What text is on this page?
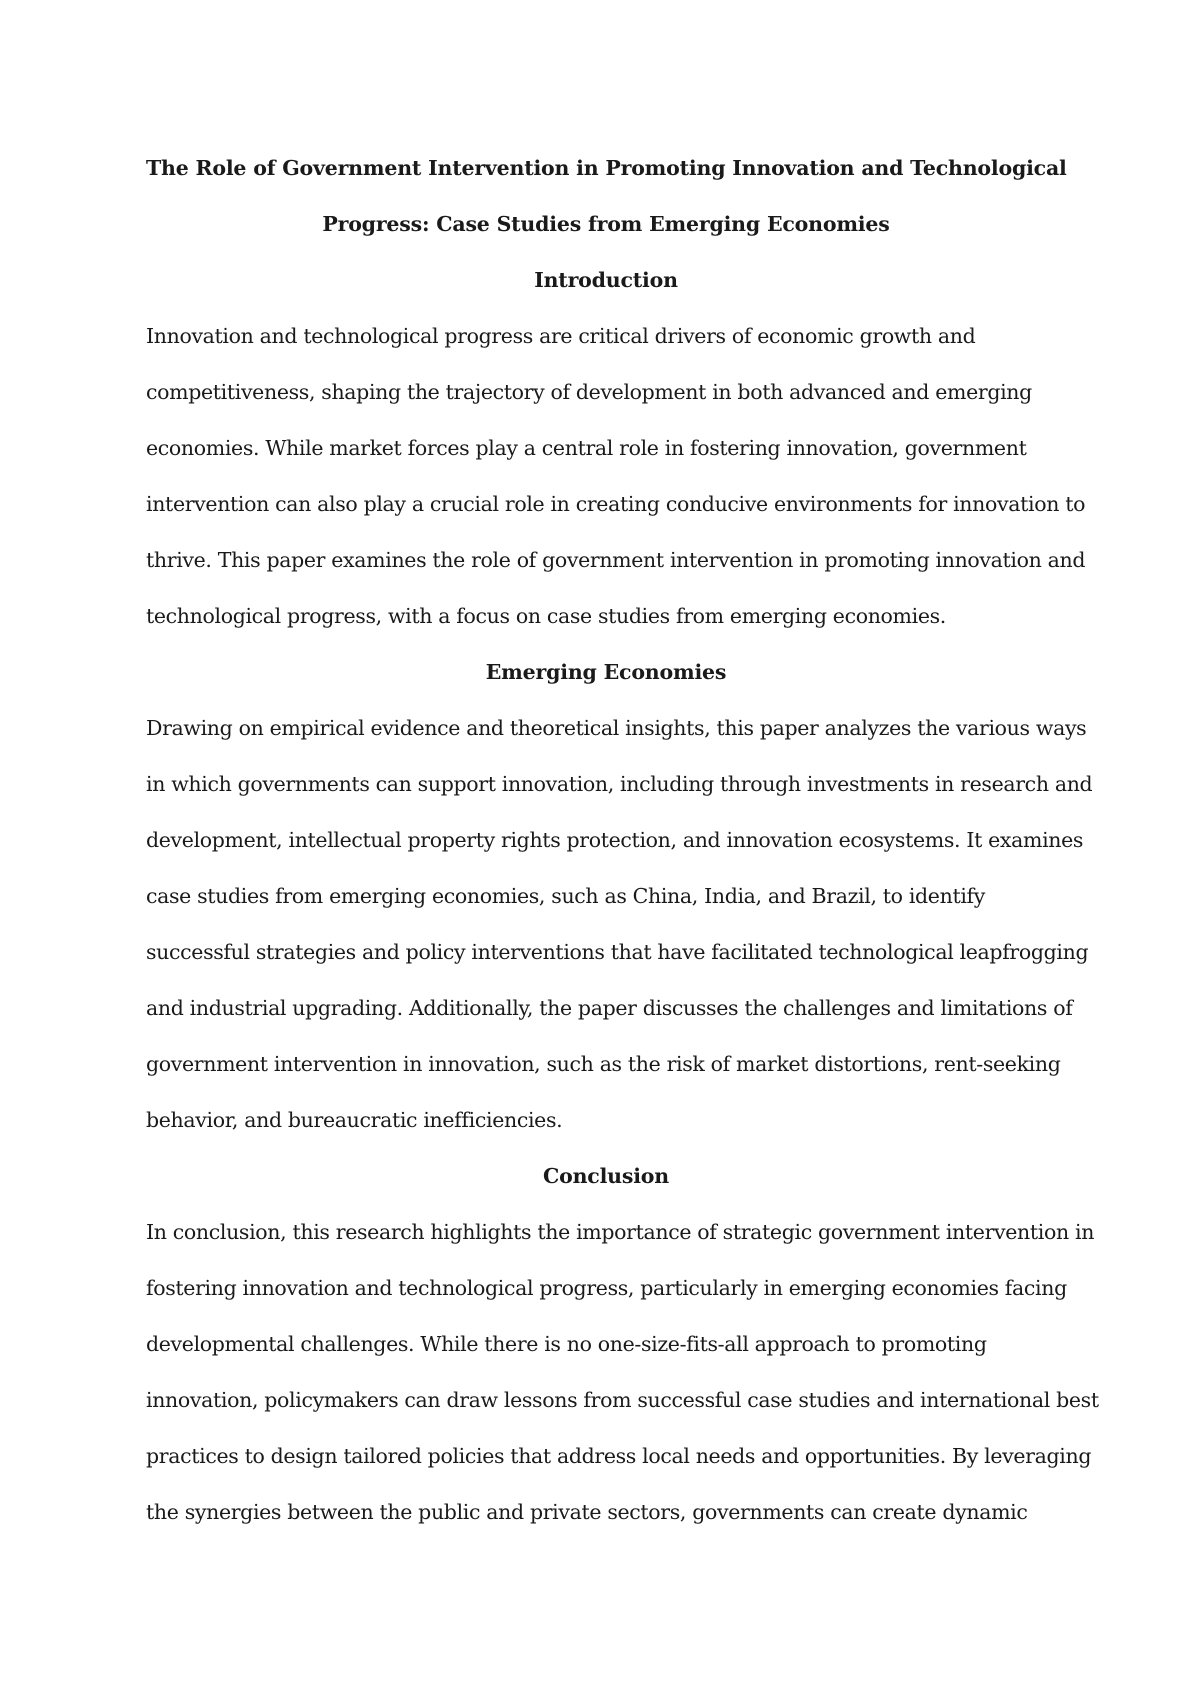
The Role of Government Intervention in Promoting Innovation and Technological
Progress: Case Studies from Emerging Economies
Introduction
Innovation and technological progress are critical drivers of economic growth and
competitiveness, shaping the trajectory of development in both advanced and emerging
economies. While market forces play a central role in fostering innovation, government
intervention can also play a crucial role in creating conducive environments for innovation to
thrive. This paper examines the role of government intervention in promoting innovation and
technological progress, with a focus on case studies from emerging economies.
Emerging Economies
Drawing on empirical evidence and theoretical insights, this paper analyzes the various ways
in which governments can support innovation, including through investments in research and
development, intellectual property rights protection, and innovation ecosystems. It examines
case studies from emerging economies, such as China, India, and Brazil, to identify
successful strategies and policy interventions that have facilitated technological leapfrogging
and industrial upgrading. Additionally, the paper discusses the challenges and limitations of
government intervention in innovation, such as the risk of market distortions, rent-seeking
behavior, and bureaucratic inefficiencies.
Conclusion
In conclusion, this research highlights the importance of strategic government intervention in
fostering innovation and technological progress, particularly in emerging economies facing
developmental challenges. While there is no one-size-fits-all approach to promoting
innovation, policymakers can draw lessons from successful case studies and international best
practices to design tailored policies that address local needs and opportunities. By leveraging
the synergies between the public and private sectors, governments can create dynamic
